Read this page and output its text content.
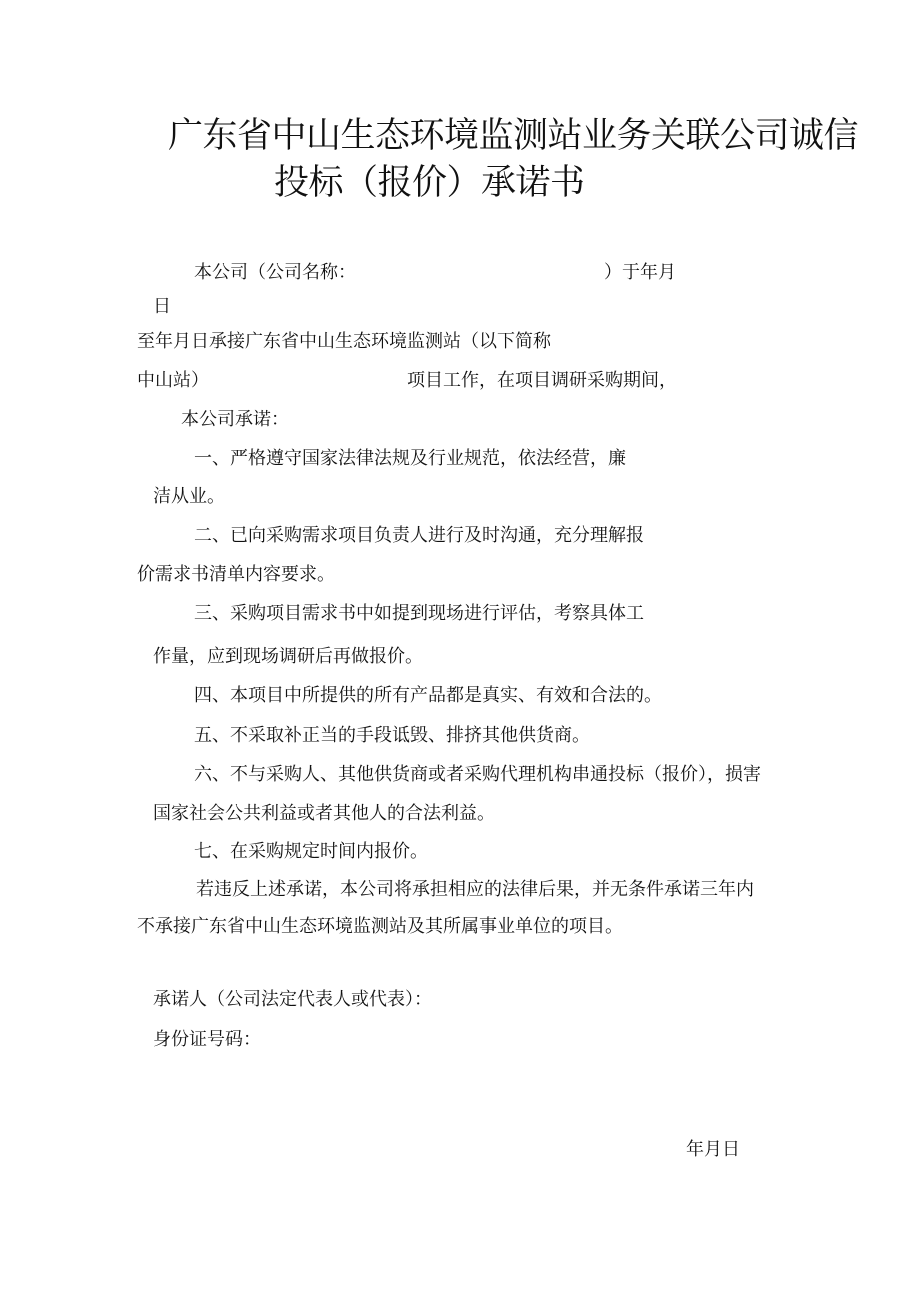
广东省中山生态环境监测站业务关联公司诚信
投标（报价）承诺书
本公司（公司名称：	）于年月
日
至年月日承接广东省中山生态环境监测站（以下简称
中山站）	项目工作，在项目调研采购期间，
本公司承诺：
一、严格遵守国家法律法规及行业规范，依法经营，廉
洁从业。
二、已向采购需求项目负责人进行及时沟通，充分理解报
价需求书清单内容要求。
三、采购项目需求书中如提到现场进行评估，考察具体工
作量，应到现场调研后再做报价。
四、本项目中所提供的所有产品都是真实、有效和合法的。
五、不采取补正当的手段诋毁、排挤其他供货商。
六、不与采购人、其他供货商或者采购代理机构串通投标（报价），损害
国家社会公共利益或者其他人的合法利益。
七、在采购规定时间内报价。
若违反上述承诺，本公司将承担相应的法律后果，并无条件承诺三年内
不承接广东省中山生态环境监测站及其所属事业单位的项目。
承诺人（公司法定代表人或代表）：
身份证号码：
年月日
